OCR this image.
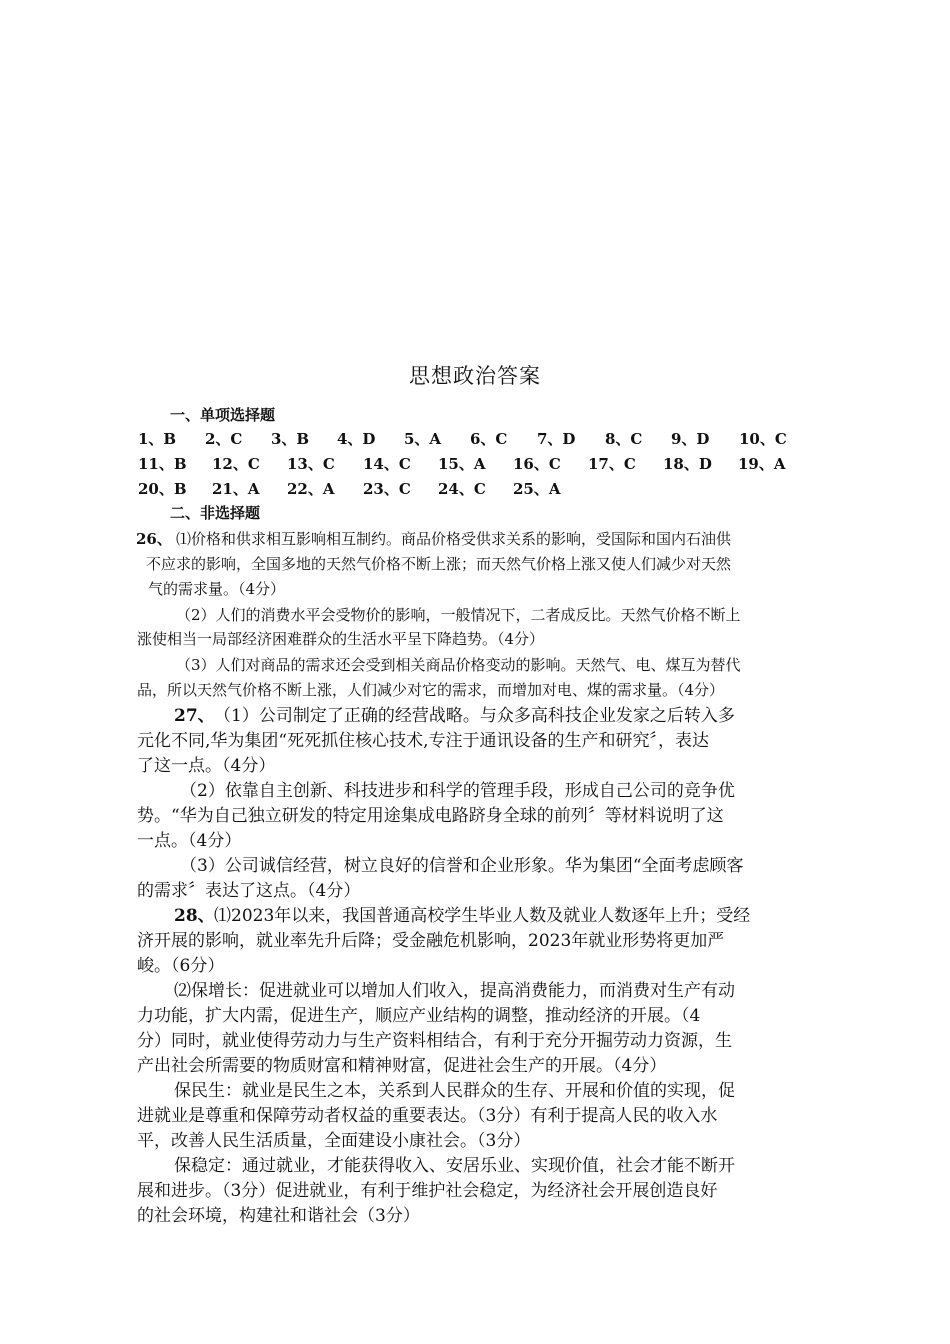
思想政治答案
一、单项选择题
1、B 2、C 3、B 4、D 5、A 6、C 7、D 8、C 9、D 10、C
11、B 12、C 13、C 14、C 15、A 16、C 17、C 18、D 19、A
20、B 21、A 22、A 23、C 24、C 25、A
二、非选择题
26、 ⑴价格和供求相互影响相互制约。商品价格受供求关系的影响，受国际和国内石油供
不应求的影响，全国多地的天然气价格不断上涨；而天然气价格上涨又使人们减少对天然
气的需求量。（4分）
（2）人们的消费水平会受物价的影响，一般情况下，二者成反比。天然气价格不断上
涨使相当一局部经济困难群众的生活水平呈下降趋势。（4分）
（3）人们对商品的需求还会受到相关商品价格变动的影响。天然气、电、煤互为替代
品，所以天然气价格不断上涨，人们减少对它的需求，而增加对电、煤的需求量。（4分）
27、 （1）公司制定了正确的经营战略。与众多高科技企业发家之后转入多
元化不同,华为集团“死死抓住核心技术,专注于通讯设备的生产和研究〞，表达
了这一点。（4分）
（2）依靠自主创新、科技进步和科学的管理手段，形成自己公司的竞争优
势。“华为自己独立研发的特定用途集成电路跻身全球的前列〞等材料说明了这
一点。（4分）
（3）公司诚信经营，树立良好的信誉和企业形象。华为集团“全面考虑顾客
的需求〞表达了这点。（4分）
28、 ⑴2023年以来，我国普通高校学生毕业人数及就业人数逐年上升；受经
济开展的影响，就业率先升后降；受金融危机影响，2023年就业形势将更加严
峻。（6分）
⑵保增长：促进就业可以增加人们收入，提高消费能力，而消费对生产有动
力功能，扩大内需，促进生产，顺应产业结构的调整，推动经济的开展。（4
分）同时，就业使得劳动力与生产资料相结合，有利于充分开掘劳动力资源，生
产出社会所需要的物质财富和精神财富，促进社会生产的开展。（4分）
保民生：就业是民生之本，关系到人民群众的生存、开展和价值的实现，促
进就业是尊重和保障劳动者权益的重要表达。（3分）有利于提高人民的收入水
平，改善人民生活质量，全面建设小康社会。（3分）
保稳定：通过就业，才能获得收入、安居乐业、实现价值，社会才能不断开
展和进步。（3分）促进就业，有利于维护社会稳定，为经济社会开展创造良好
的社会环境，构建社和谐社会（3分）
